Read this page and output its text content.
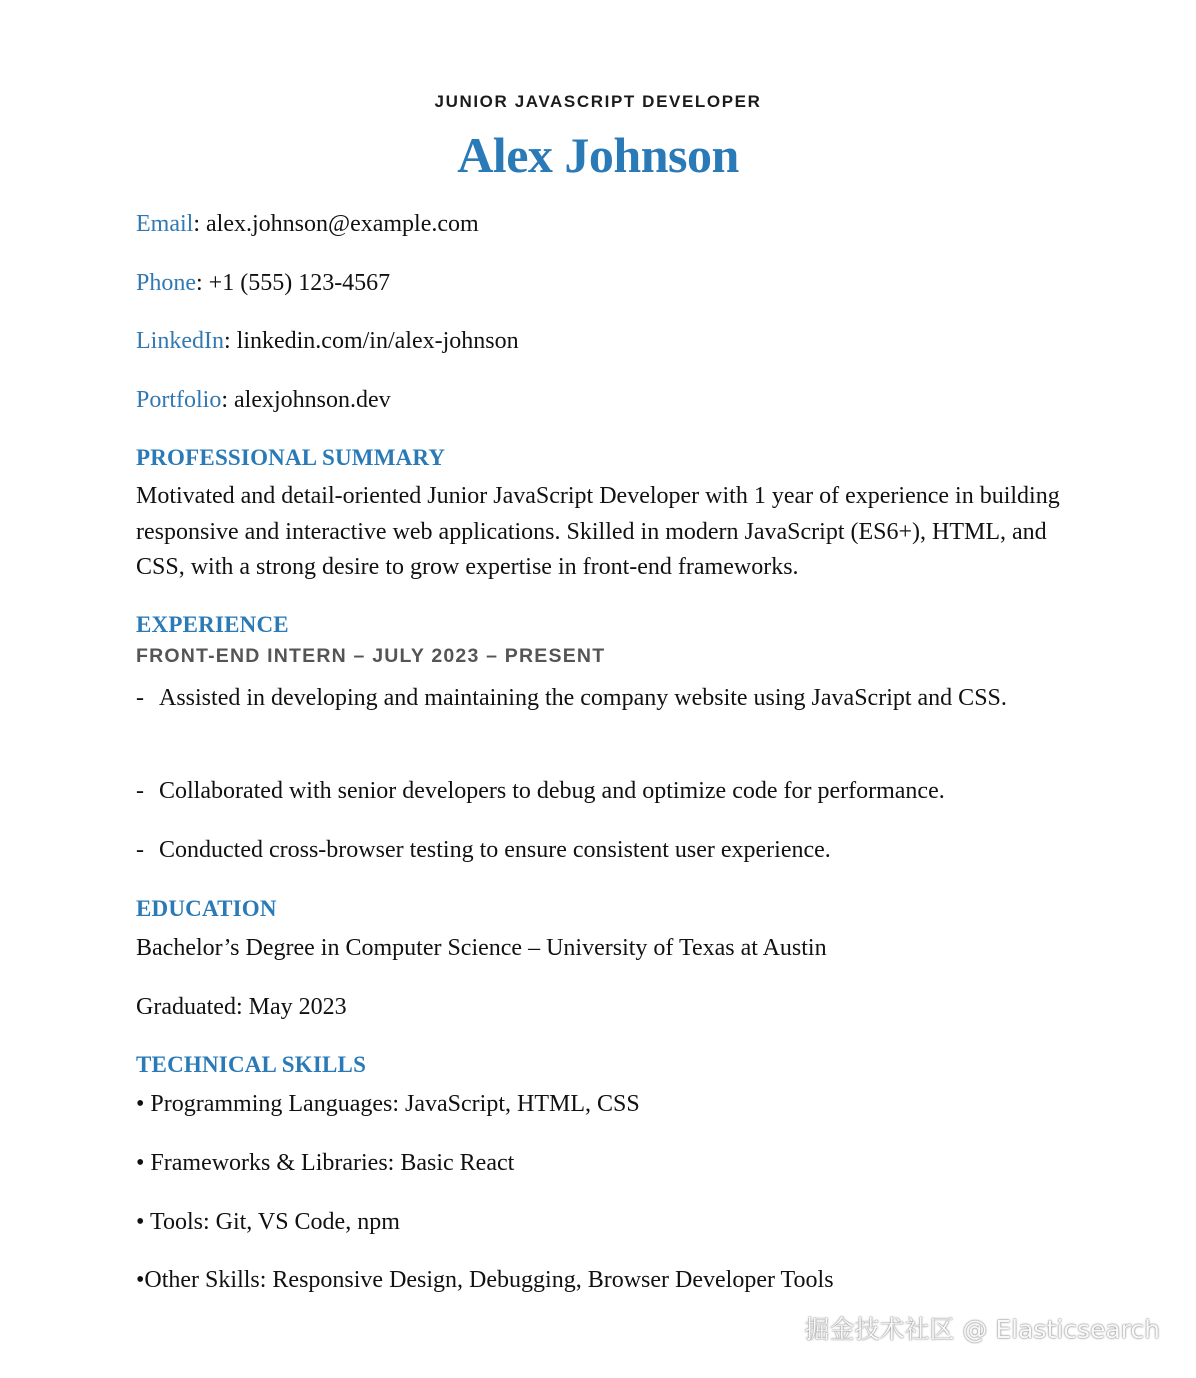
JUNIOR JAVASCRIPT DEVELOPER
Alex Johnson
Email: alex.johnson@example.com
Phone: +1 (555) 123-4567
LinkedIn: linkedin.com/in/alex-johnson
Portfolio: alexjohnson.dev
PROFESSIONAL SUMMARY
Motivated and detail-oriented Junior JavaScript Developer with 1 year of experience in building responsive and interactive web applications. Skilled in modern JavaScript (ES6+), HTML, and CSS, with a strong desire to grow expertise in front-end frameworks.
EXPERIENCE
FRONT-END INTERN – JULY 2023 – PRESENT
- Assisted in developing and maintaining the company website using JavaScript and CSS.
- Collaborated with senior developers to debug and optimize code for performance.
- Conducted cross-browser testing to ensure consistent user experience.
EDUCATION
Bachelor’s Degree in Computer Science – University of Texas at Austin
Graduated: May 2023
TECHNICAL SKILLS
• Programming Languages: JavaScript, HTML, CSS
• Frameworks & Libraries: Basic React
• Tools: Git, VS Code, npm
•Other Skills: Responsive Design, Debugging, Browser Developer Tools
掘金技术社区 @ Elasticsearch
